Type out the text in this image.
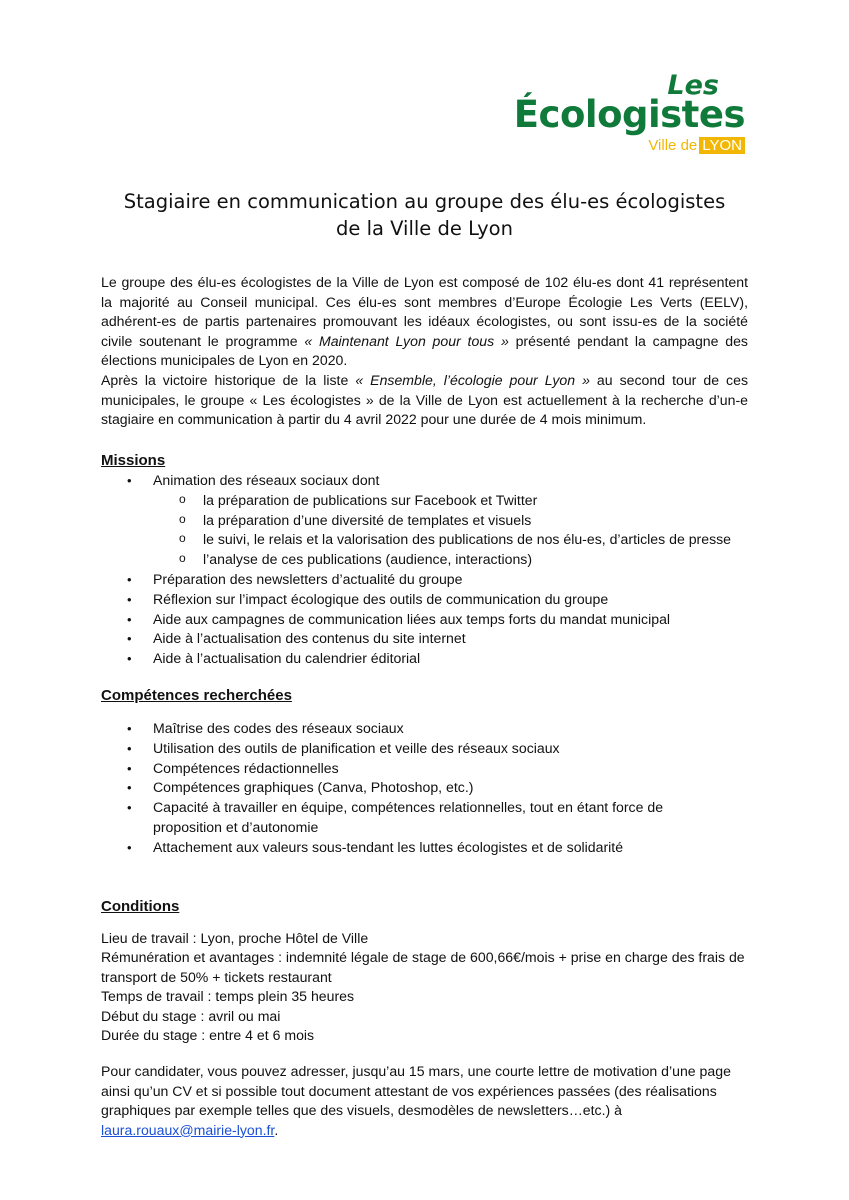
Les
Écologistes
Ville de LYON
Stagiaire en communication au groupe des élu-es écologistes
de la Ville de Lyon

Le groupe des élu-es écologistes de la Ville de Lyon est composé de 102 élu-es dont 41 représentent la majorité au Conseil municipal. Ces élu-es sont membres d’Europe Écologie Les Verts (EELV), adhérent-es de partis partenaires promouvant les idéaux écologistes, ou sont issu-es de la société civile soutenant le programme « Maintenant Lyon pour tous » présenté pendant la campagne des élections municipales de Lyon en 2020.

Après la victoire historique de la liste « Ensemble, l’écologie pour Lyon » au second tour de ces municipales, le groupe « Les écologistes » de la Ville de Lyon est actuellement à la recherche d’un-e stagiaire en communication à partir du 4 avril 2022 pour une durée de 4 mois minimum.

Missions
• Animation des réseaux sociaux dont
o la préparation de publications sur Facebook et Twitter
o la préparation d’une diversité de templates et visuels
o le suivi, le relais et la valorisation des publications de nos élu-es, d’articles de presse
o l’analyse de ces publications (audience, interactions)
• Préparation des newsletters d’actualité du groupe
• Réflexion sur l’impact écologique des outils de communication du groupe
• Aide aux campagnes de communication liées aux temps forts du mandat municipal
• Aide à l’actualisation des contenus du site internet
• Aide à l’actualisation du calendrier éditorial
Compétences recherchées
• Maîtrise des codes des réseaux sociaux
• Utilisation des outils de planification et veille des réseaux sociaux
• Compétences rédactionnelles
• Compétences graphiques (Canva, Photoshop, etc.)
• Capacité à travailler en équipe, compétences relationnelles, tout en étant force de proposition et d’autonomie
• Attachement aux valeurs sous-tendant les luttes écologistes et de solidarité
Conditions
Lieu de travail : Lyon, proche Hôtel de Ville
Rémunération et avantages : indemnité légale de stage de 600,66€/mois + prise en charge des frais de transport de 50% + tickets restaurant
Temps de travail : temps plein 35 heures
Début du stage : avril ou mai
Durée du stage : entre 4 et 6 mois
Pour candidater, vous pouvez adresser, jusqu’au 15 mars, une courte lettre de motivation d’une page ainsi qu’un CV et si possible tout document attestant de vos expériences passées (des réalisations graphiques par exemple telles que des visuels, desmodèles de newsletters…etc.) à laura.rouaux@mairie-lyon.fr.
